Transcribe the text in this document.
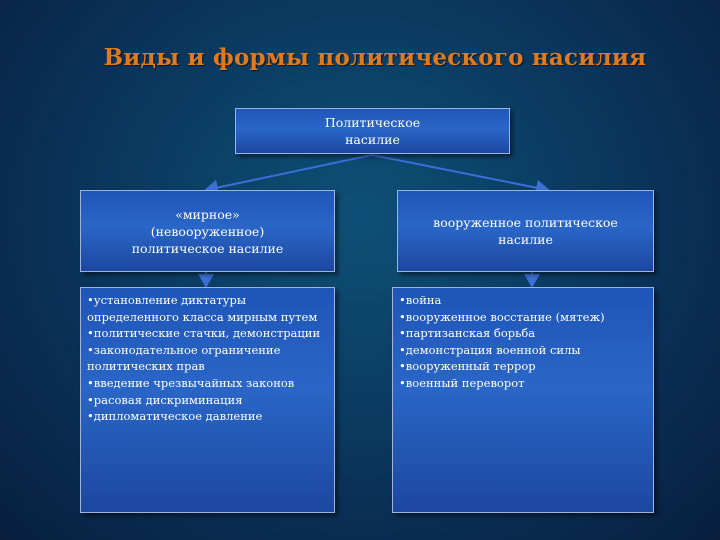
Виды и формы политического насилия
Политическое
насилие
«мирное»
(невооруженное)
политическое насилие
вооруженное политическое
насилие
• установление диктатуры определенного класса мирным путем
• политические стачки, демонстрации
• законодательное ограничение политических прав
• введение чрезвычайных законов
• расовая дискриминация
• дипломатическое давление
• война
• вооруженное восстание (мятеж)
• партизанская борьба
• демонстрация военной силы
• вооруженный террор
• военный переворот
